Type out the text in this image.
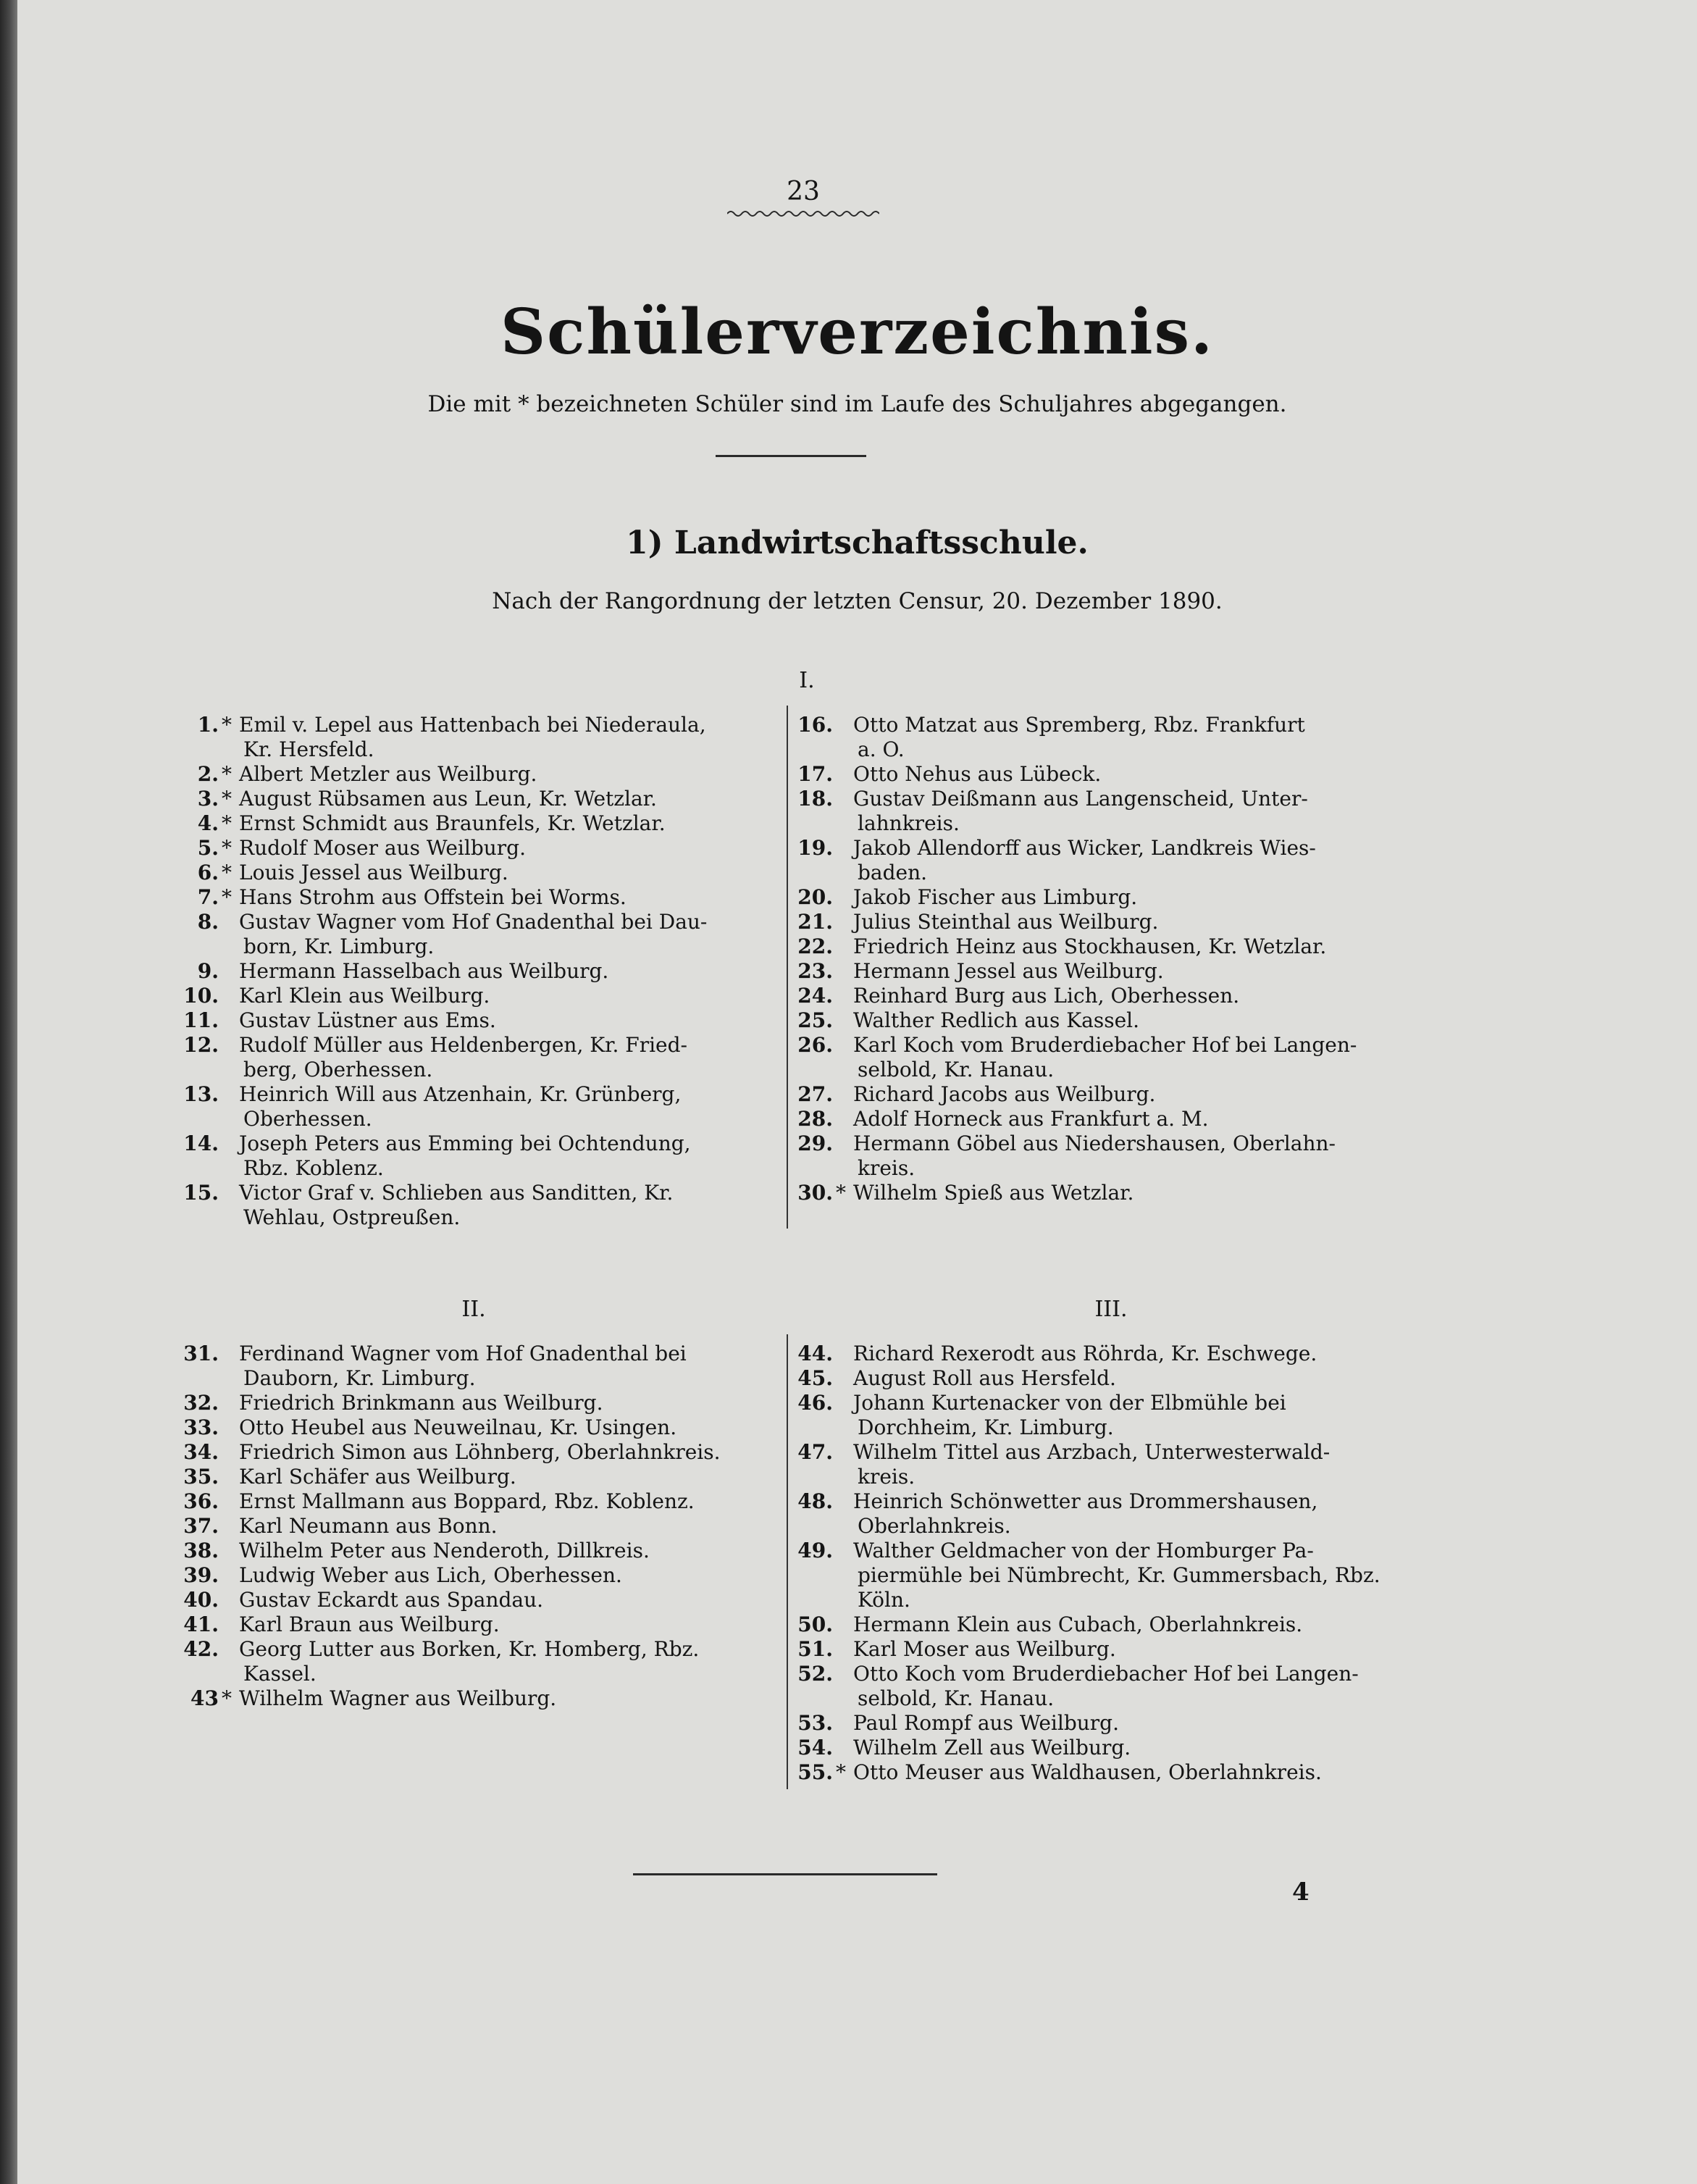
23
Schülerverzeichnis.
Die mit * bezeichneten Schüler sind im Laufe des Schuljahres abgegangen.
1) Landwirtschaftsschule.
Nach der Rangordnung der letzten Censur, 20. Dezember 1890.
I.
1. * Emil v. Lepel aus Hattenbach bei Niederaula,
Kr. Hersfeld.
2. * Albert Metzler aus Weilburg.
3. * August Rübsamen aus Leun, Kr. Wetzlar.
4. * Ernst Schmidt aus Braunfels, Kr. Wetzlar.
5. * Rudolf Moser aus Weilburg.
6. * Louis Jessel aus Weilburg.
7. * Hans Strohm aus Offstein bei Worms.
8. Gustav Wagner vom Hof Gnadenthal bei Dau-
born, Kr. Limburg.
9. Hermann Hasselbach aus Weilburg.
10. Karl Klein aus Weilburg.
11. Gustav Lüstner aus Ems.
12. Rudolf Müller aus Heldenbergen, Kr. Fried-
berg, Oberhessen.
13. Heinrich Will aus Atzenhain, Kr. Grünberg,
Oberhessen.
14. Joseph Peters aus Emming bei Ochtendung,
Rbz. Koblenz.
15. Victor Graf v. Schlieben aus Sanditten, Kr.
Wehlau, Ostpreußen.
16. Otto Matzat aus Spremberg, Rbz. Frankfurt
a. O.
17. Otto Nehus aus Lübeck.
18. Gustav Deißmann aus Langenscheid, Unter-
lahnkreis.
19. Jakob Allendorff aus Wicker, Landkreis Wies-
baden.
20. Jakob Fischer aus Limburg.
21. Julius Steinthal aus Weilburg.
22. Friedrich Heinz aus Stockhausen, Kr. Wetzlar.
23. Hermann Jessel aus Weilburg.
24. Reinhard Burg aus Lich, Oberhessen.
25. Walther Redlich aus Kassel.
26. Karl Koch vom Bruderdiebacher Hof bei Langen-
selbold, Kr. Hanau.
27. Richard Jacobs aus Weilburg.
28. Adolf Horneck aus Frankfurt a. M.
29. Hermann Göbel aus Niedershausen, Oberlahn-
kreis.
30. * Wilhelm Spieß aus Wetzlar.
II.	III.
31. Ferdinand Wagner vom Hof Gnadenthal bei
Dauborn, Kr. Limburg.
32. Friedrich Brinkmann aus Weilburg.
33. Otto Heubel aus Neuweilnau, Kr. Usingen.
34. Friedrich Simon aus Löhnberg, Oberlahnkreis.
35. Karl Schäfer aus Weilburg.
36. Ernst Mallmann aus Boppard, Rbz. Koblenz.
37. Karl Neumann aus Bonn.
38. Wilhelm Peter aus Nenderoth, Dillkreis.
39. Ludwig Weber aus Lich, Oberhessen.
40. Gustav Eckardt aus Spandau.
41. Karl Braun aus Weilburg.
42. Georg Lutter aus Borken, Kr. Homberg, Rbz.
Kassel.
43 * Wilhelm Wagner aus Weilburg.
44. Richard Rexerodt aus Röhrda, Kr. Eschwege.
45. August Roll aus Hersfeld.
46. Johann Kurtenacker von der Elbmühle bei
Dorchheim, Kr. Limburg.
47. Wilhelm Tittel aus Arzbach, Unterwesterwald-
kreis.
48. Heinrich Schönwetter aus Drommershausen,
Oberlahnkreis.
49. Walther Geldmacher von der Homburger Pa-
piermühle bei Nümbrecht, Kr. Gummersbach, Rbz.
Köln.
50. Hermann Klein aus Cubach, Oberlahnkreis.
51. Karl Moser aus Weilburg.
52. Otto Koch vom Bruderdiebacher Hof bei Langen-
selbold, Kr. Hanau.
53. Paul Rompf aus Weilburg.
54. Wilhelm Zell aus Weilburg.
55. * Otto Meuser aus Waldhausen, Oberlahnkreis.
4
